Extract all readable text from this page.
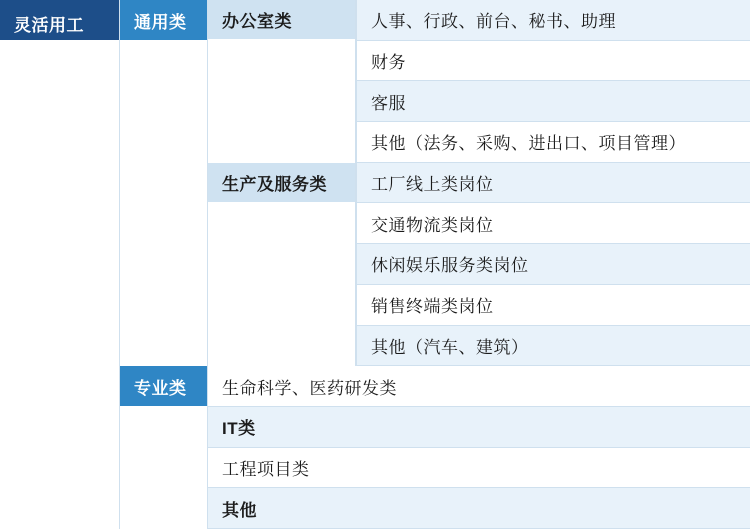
灵活用工	通用类	办公室类	人事、行政、前台、秘书、助理

财务

客服

其他（法务、采购、进出口、项目管理）

生产及服务类	工厂线上类岗位

交通物流类岗位

休闲娱乐服务类岗位

销售终端类岗位

其他（汽车、建筑）

专业类	生命科学、医药研发类	

IT类	

工程项目类	

其他	
